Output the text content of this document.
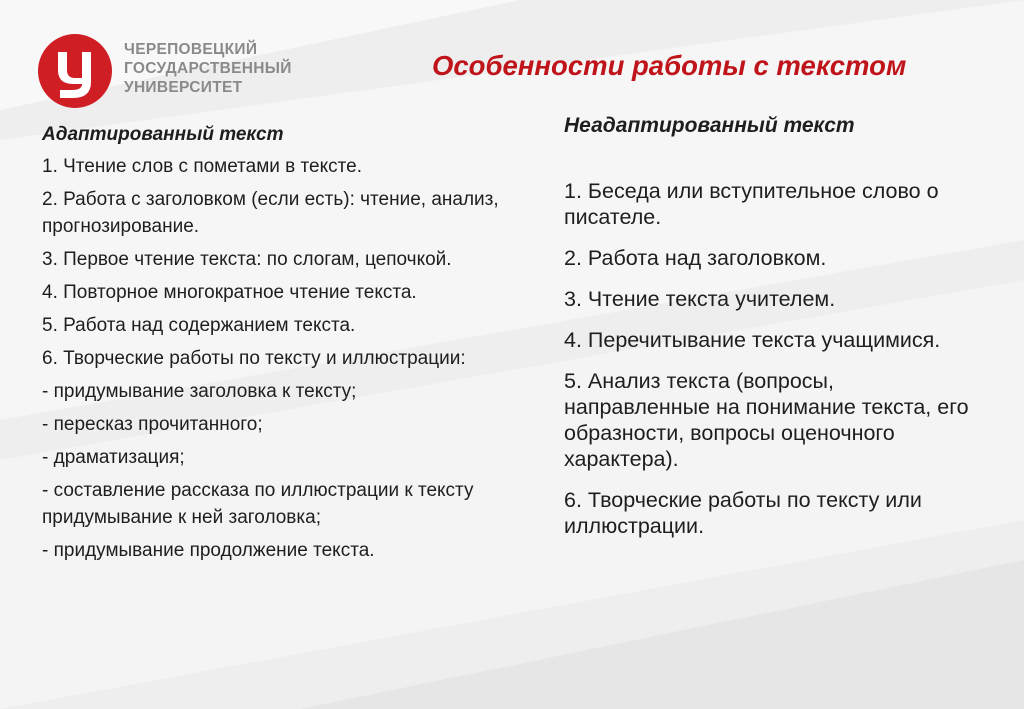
ЧЕРЕПОВЕЦКИЙ
ГОСУДАРСТВЕННЫЙ
УНИВЕРСИТЕТ
Особенности работы с текстом
Адаптированный текст
1. Чтение слов с пометами в тексте.
2. Работа с заголовком (если есть): чтение, анализ, прогнозирование.
3. Первое чтение текста: по слогам, цепочкой.
4. Повторное многократное чтение текста.
5. Работа над содержанием текста.
6. Творческие работы по тексту и иллюстрации:
- придумывание заголовка к тексту;
- пересказ прочитанного;
- драматизация;
- составление рассказа по иллюстрации к тексту придумывание к ней заголовка;
- придумывание продолжение текста.
Неадаптированный текст
1. Беседа или вступительное слово о писателе.
2. Работа над заголовком.
3. Чтение текста учителем.
4. Перечитывание текста учащимися.
5. Анализ текста (вопросы, направленные на понимание текста, его образности, вопросы оценочного характера).
6. Творческие работы по тексту или иллюстрации.
